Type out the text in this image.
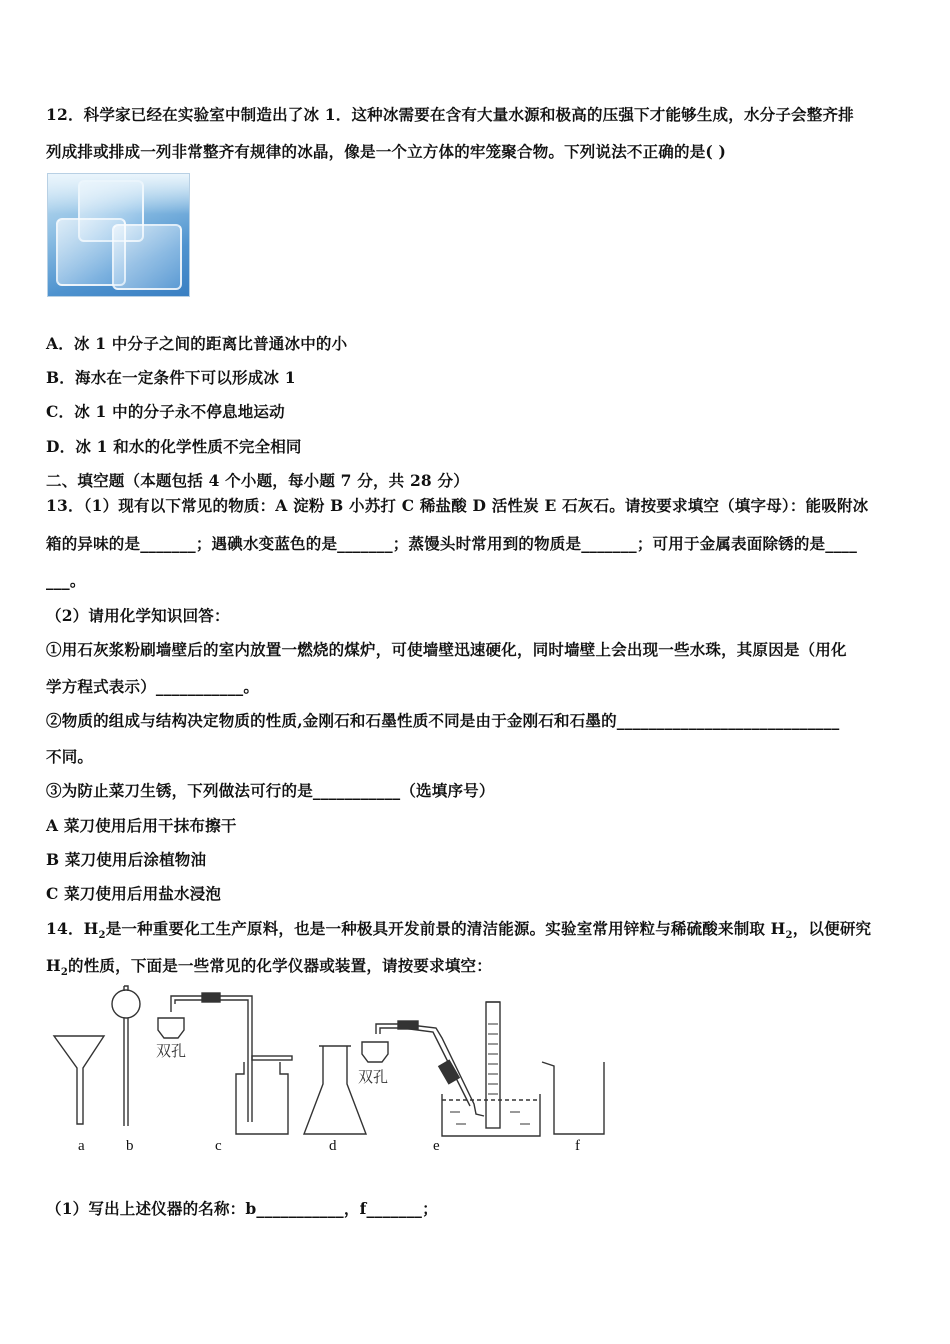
12．科学家已经在实验室中制造出了冰 1．这种冰需要在含有大量水源和极高的压强下才能够生成，水分子会整齐排
列成排或排成一列非常整齐有规律的冰晶，像是一个立方体的牢笼聚合物。下列说法不正确的是( )
A．冰 1 中分子之间的距离比普通冰中的小
B．海水在一定条件下可以形成冰 1
C．冰 1 中的分子永不停息地运动
D．冰 1 和水的化学性质不完全相同
二、填空题（本题包括 4 个小题，每小题 7 分，共 28 分）
13．（1）现有以下常见的物质：A 淀粉 B 小苏打 C 稀盐酸 D 活性炭 E 石灰石。请按要求填空（填字母）：能吸附冰
箱的异味的是_______；遇碘水变蓝色的是_______；蒸馒头时常用到的物质是_______；可用于金属表面除锈的是____
___。
（2）请用化学知识回答：
①用石灰浆粉刷墙壁后的室内放置一燃烧的煤炉，可使墙壁迅速硬化，同时墙壁上会出现一些水珠，其原因是（用化
学方程式表示）___________。
②物质的组成与结构决定物质的性质,金刚石和石墨性质不同是由于金刚石和石墨的____________________________
不同。
③为防止菜刀生锈，下列做法可行的是___________（选填序号）
A 菜刀使用后用干抹布擦干
B 菜刀使用后涂植物油
C 菜刀使用后用盐水浸泡
14．$H_2$是一种重要化工生产原料，也是一种极具开发前景的清洁能源。实验室常用锌粒与稀硫酸来制取 $H_2$，以便研究
$H_2$的性质，下面是一些常见的化学仪器或装置，请按要求填空：
双孔
双孔
a	b	c	d	e	f
（1）写出上述仪器的名称：b___________，f_______；
